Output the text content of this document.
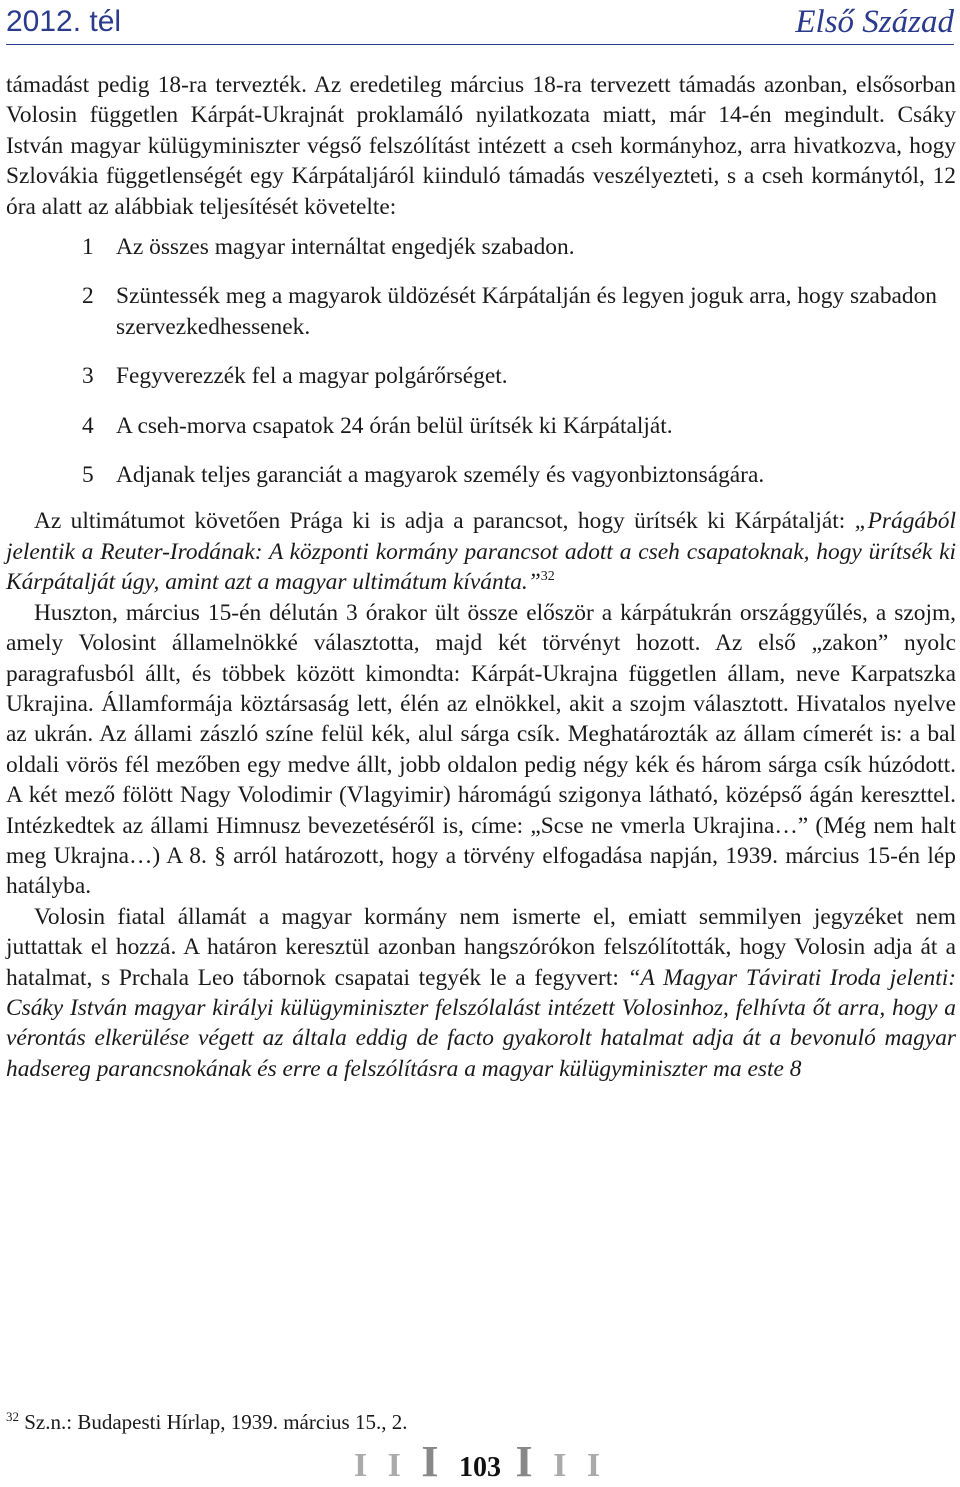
2012. tél	Első Század

támadást pedig 18-ra tervezték. Az eredetileg március 18-ra tervezett támadás azonban, elsősorban Volosin független Kárpát-Ukrajnát proklamáló nyilatkozata miatt, már 14-én megindult. Csáky István magyar külügyminiszter végső felszólítást intézett a cseh kormányhoz, arra hivatkozva, hogy Szlovákia függetlenségét egy Kárpátaljáról kiinduló támadás veszélyezteti, s a cseh kormánytól, 12 óra alatt az alábbiak teljesítését követelte:

1 Az összes magyar internáltat engedjék szabadon.
2 Szüntessék meg a magyarok üldözését Kárpátalján és legyen joguk arra, hogy szabadon szervezkedhessenek.
3 Fegyverezzék fel a magyar polgárőrséget.
4 A cseh-morva csapatok 24 órán belül ürítsék ki Kárpátalját.
5 Adjanak teljes garanciát a magyarok személy és vagyonbiztonságára.

Az ultimátumot követően Prága ki is adja a parancsot, hogy ürítsék ki Kárpátalját: „Prágából jelentik a Reuter-Irodának: A központi kormány parancsot adott a cseh csapatoknak, hogy ürítsék ki Kárpátalját úgy, amint azt a magyar ultimátum kívánta.”$^{32}$

Huszton, március 15-én délután 3 órakor ült össze először a kárpátukrán országgyűlés, a szojm, amely Volosint államelnökké választotta, majd két törvényt hozott. Az első „zakon” nyolc paragrafusból állt, és többek között kimondta: Kárpát-Ukrajna független állam, neve Karpatszka Ukrajina. Államformája köztársaság lett, élén az elnökkel, akit a szojm választott. Hivatalos nyelve az ukrán. Az állami zászló színe felül kék, alul sárga csík. Meghatározták az állam címerét is: a bal oldali vörös fél mezőben egy medve állt, jobb oldalon pedig négy kék és három sárga csík húzódott. A két mező fölött Nagy Volodimir (Vlagyimir) háromágú szigonya látható, középső ágán kereszttel. Intézkedtek az állami Himnusz bevezetéséről is, címe: „Scse ne vmerla Ukrajina…” (Még nem halt meg Ukrajna…) A 8. § arról határozott, hogy a törvény elfogadása napján, 1939. március 15-én lép hatályba.

Volosin fiatal államát a magyar kormány nem ismerte el, emiatt semmilyen jegyzéket nem juttattak el hozzá. A határon keresztül azonban hangszórókon felszólították, hogy Volosin adja át a hatalmat, s Prchala Leo tábornok csapatai tegyék le a fegyvert: “A Magyar Távirati Iroda jelenti: Csáky István magyar királyi külügyminiszter felszólalást intézett Volosinhoz, felhívta őt arra, hogy a vérontás elkerülése végett az általa eddig de facto gyakorolt hatalmat adja át a bevonuló magyar hadsereg parancsnokának és erre a felszólításra a magyar külügyminiszter ma este 8

$^{32}$ Sz.n.: Budapesti Hírlap, 1939. március 15., 2.
I I I 103 I I I
